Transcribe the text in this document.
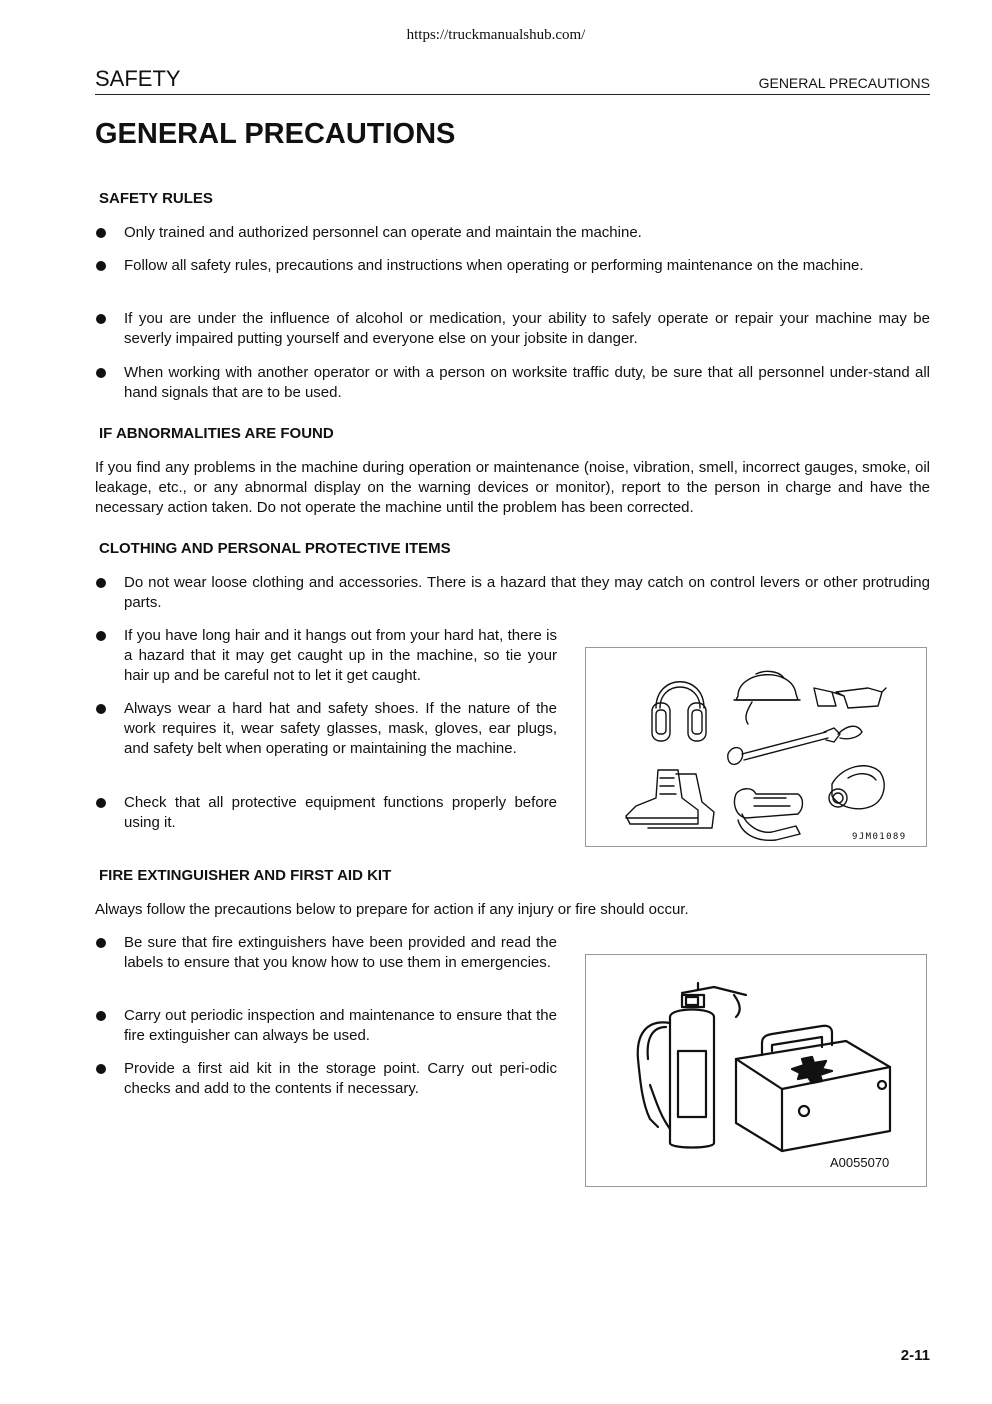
https://truckmanualshub.com/
SAFETY	GENERAL PRECAUTIONS
GENERAL PRECAUTIONS
SAFETY RULES
Only trained and authorized personnel can operate and maintain the machine.
Follow all safety rules, precautions and instructions when operating or performing maintenance on the machine.
If you are under the influence of alcohol or medication, your ability to safely operate or repair your machine may be severly impaired putting yourself and everyone else on your jobsite in danger.
When working with another operator or with a person on worksite traffic duty, be sure that all personnel under-stand all hand signals that are to be used.
IF ABNORMALITIES ARE FOUND
If you find any problems in the machine during operation or maintenance (noise, vibration, smell, incorrect gauges, smoke, oil leakage, etc., or any abnormal display on the warning devices or monitor), report to the person in charge and have the necessary action taken. Do not operate the machine until the problem has been corrected.
CLOTHING AND PERSONAL PROTECTIVE ITEMS
Do not wear loose clothing and accessories. There is a hazard that they may catch on control levers or other protruding parts.
If you have long hair and it hangs out from your hard hat, there is a hazard that it may get caught up in the machine, so tie your hair up and be careful not to let it get caught.
Always wear a hard hat and safety shoes. If the nature of the work requires it, wear safety glasses, mask, gloves, ear plugs, and safety belt when operating or maintaining the machine.
Check that all protective equipment functions properly before using it.
9JM01089
FIRE EXTINGUISHER AND FIRST AID KIT
Always follow the precautions below to prepare for action if any injury or fire should occur.
Be sure that fire extinguishers have been provided and read the labels to ensure that you know how to use them in emergencies.
Carry out periodic inspection and maintenance to ensure that the fire extinguisher can always be used.
Provide a first aid kit in the storage point. Carry out peri-odic checks and add to the contents if necessary.
A0055070
2-11
